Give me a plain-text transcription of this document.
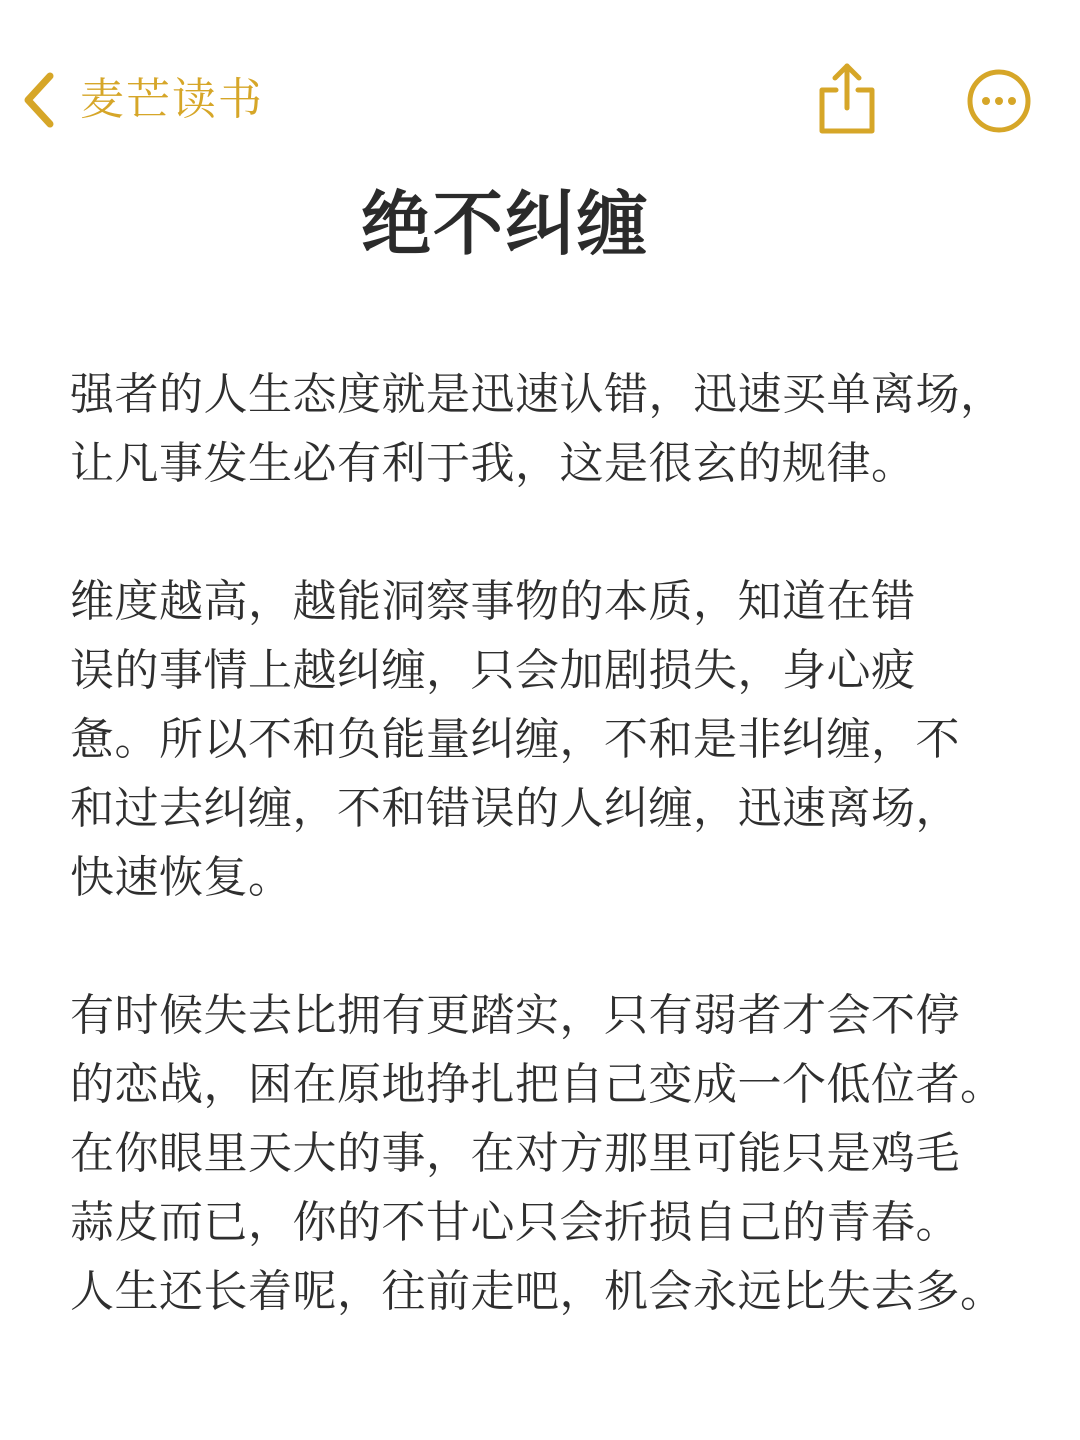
麦芒读书
绝不纠缠

强者的人生态度就是迅速认错，迅速买单离场，
让凡事发生必有利于我，这是很玄的规律。

维度越高，越能洞察事物的本质，知道在错
误的事情上越纠缠，只会加剧损失，身心疲
惫。所以不和负能量纠缠，不和是非纠缠，不
和过去纠缠，不和错误的人纠缠，迅速离场，
快速恢复。

有时候失去比拥有更踏实，只有弱者才会不停
的恋战，困在原地挣扎把自己变成一个低位者。
在你眼里天大的事，在对方那里可能只是鸡毛
蒜皮而已，你的不甘心只会折损自己的青春。
人生还长着呢，往前走吧，机会永远比失去多。
